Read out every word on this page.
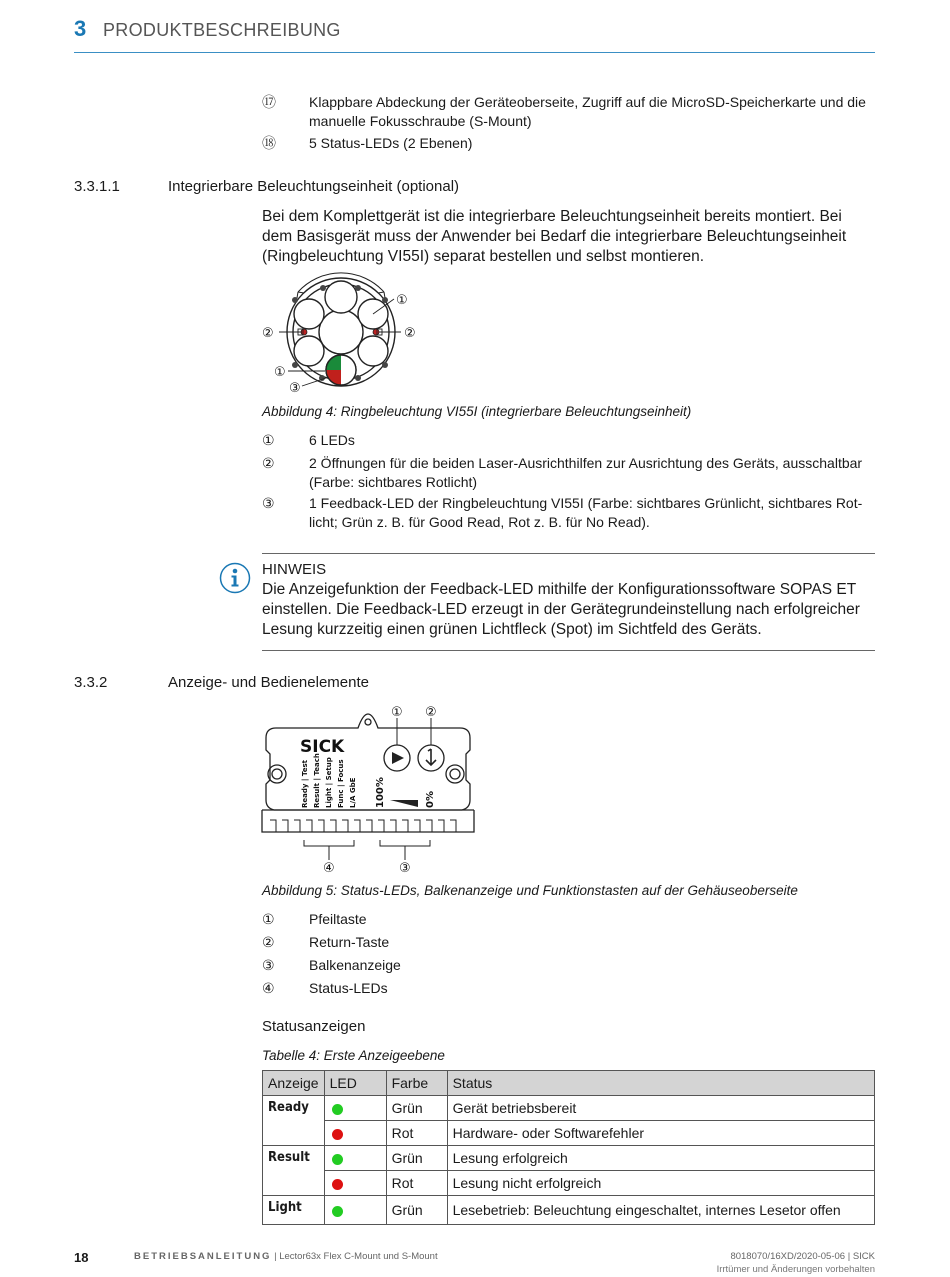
3 PRODUKTBESCHREIBUNG
⑰	Klappbare Abdeckung der Geräteoberseite, Zugriff auf die MicroSD-Speicherkarte und die manuelle Fokusschraube (S-Mount)
⑱	5 Status-LEDs (2 Ebenen)
3.3.1.1	Integrierbare Beleuchtungseinheit (optional)
Bei dem Komplettgerät ist die integrierbare Beleuchtungseinheit bereits montiert. Bei dem Basisgerät muss der Anwender bei Bedarf die integrierbare Beleuchtungseinheit (Ringbeleuchtung VI55I) separat bestellen und selbst montieren.
①
②	②
①
③
Abbildung 4: Ringbeleuchtung VI55I (integrierbare Beleuchtungseinheit)
①	6 LEDs
②	2 Öffnungen für die beiden Laser-Ausrichthilfen zur Ausrichtung des Geräts, ausschaltbar (Farbe: sichtbares Rotlicht)
③	1 Feedback-LED der Ringbeleuchtung VI55I (Farbe: sichtbares Grünlicht, sichtbares Rot-licht; Grün z. B. für Good Read, Rot z. B. für No Read).
HINWEIS
Die Anzeigefunktion der Feedback-LED mithilfe der Konfigurationssoftware SOPAS ET einstellen. Die Feedback-LED erzeugt in der Gerätegrundeinstellung nach erfolgreicher Lesung kurzzeitig einen grünen Lichtfleck (Spot) im Sichtfeld des Geräts.
3.3.2	Anzeige- und Bedienelemente
SICK
Ready | Test Result | Teach Light | Setup Func | Focus L/A GbE 100%	0%
① ②
③
④
Abbildung 5: Status-LEDs, Balkenanzeige und Funktionstasten auf der Gehäuseoberseite
①	Pfeiltaste
②	Return-Taste
③	Balkenanzeige
④	Status-LEDs
Statusanzeigen
Tabelle 4: Erste Anzeigeebene
Anzeige	LED	Farbe	Status
Ready		Grün	Gerät betriebsbereit
		Rot	Hardware- oder Softwarefehler
Result		Grün	Lesung erfolgreich
		Rot	Lesung nicht erfolgreich
Light		Grün	Lesebetrieb: Beleuchtung eingeschaltet, internes Lesetor offen
18	BETRIEBSANLEITUNG | Lector63x Flex C-Mount und S-Mount	8018070/16XD/2020-05-06 | SICK
Irrtümer und Änderungen vorbehalten
